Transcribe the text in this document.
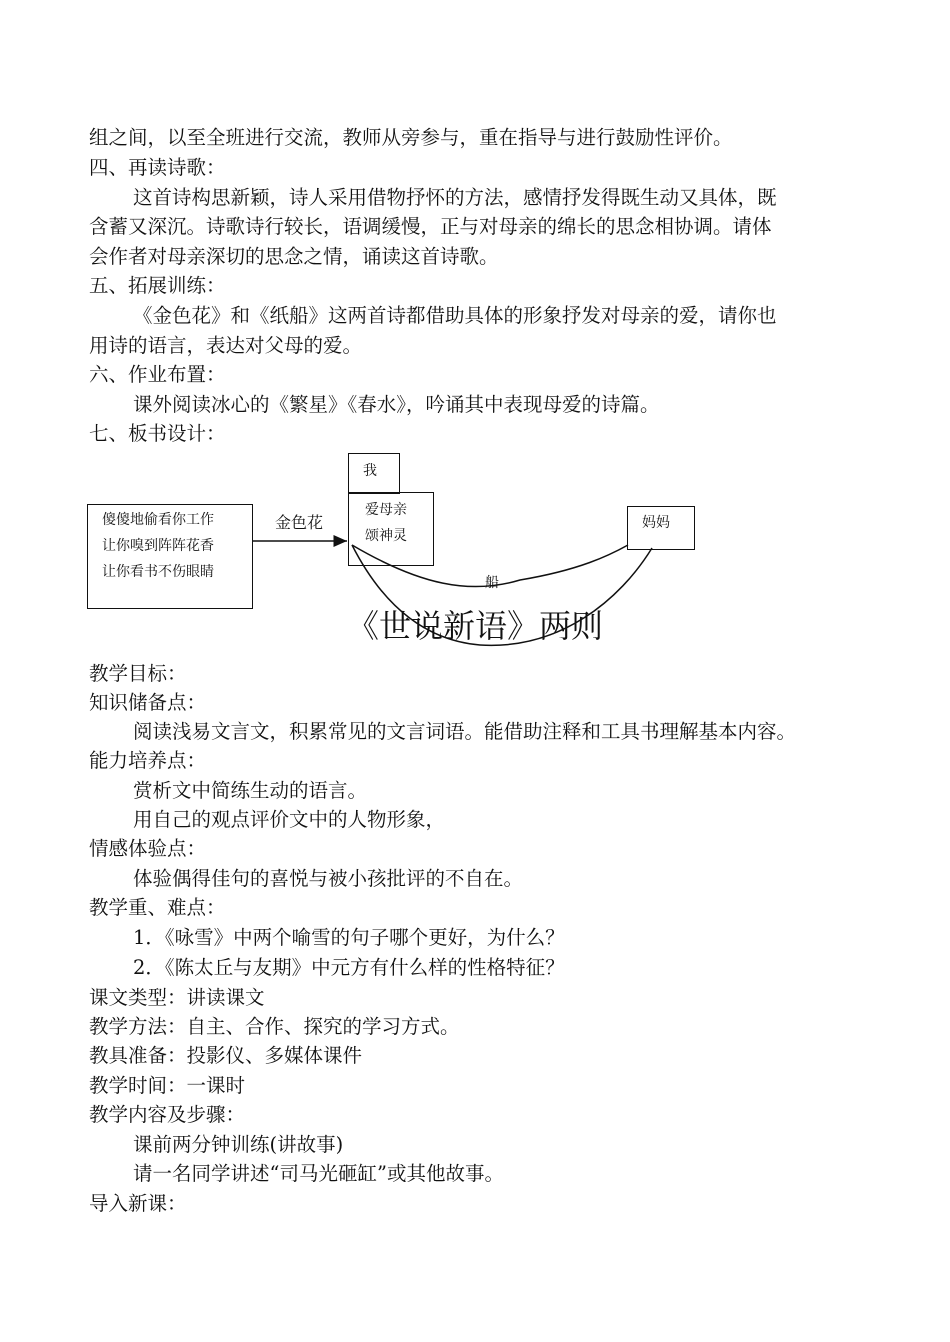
组之间，以至全班进行交流，教师从旁参与，重在指导与进行鼓励性评价。
四、再读诗歌：
这首诗构思新颖，诗人采用借物抒怀的方法，感情抒发得既生动又具体，既
含蓄又深沉。诗歌诗行较长，语调缓慢，正与对母亲的绵长的思念相协调。请体
会作者对母亲深切的思念之情，诵读这首诗歌。
五、拓展训练：
《金色花》和《纸船》这两首诗都借助具体的形象抒发对母亲的爱，请你也
用诗的语言，表达对父母的爱。
六、作业布置：
课外阅读冰心的《繁星》《春水》，吟诵其中表现母爱的诗篇。
七、板书设计：
傻傻地偷看你工作
让你嗅到阵阵花香
让你看书不伤眼睛
金色花
我
爱母亲
颂神灵
妈妈
船
《世说新语》两则
教学目标：
知识储备点：
阅读浅易文言文，积累常见的文言词语。能借助注释和工具书理解基本内容。
能力培养点：
赏析文中简练生动的语言。
用自己的观点评价文中的人物形象，
情感体验点：
体验偶得佳句的喜悦与被小孩批评的不自在。
教学重、难点：
1．《咏雪》中两个喻雪的句子哪个更好，为什么？
2．《陈太丘与友期》中元方有什么样的性格特征？
课文类型：讲读课文
教学方法：自主、合作、探究的学习方式。
教具准备：投影仪、多媒体课件
教学时间：一课时
教学内容及步骤：
课前两分钟训练(讲故事)
请一名同学讲述“司马光砸缸”或其他故事。
导入新课：
